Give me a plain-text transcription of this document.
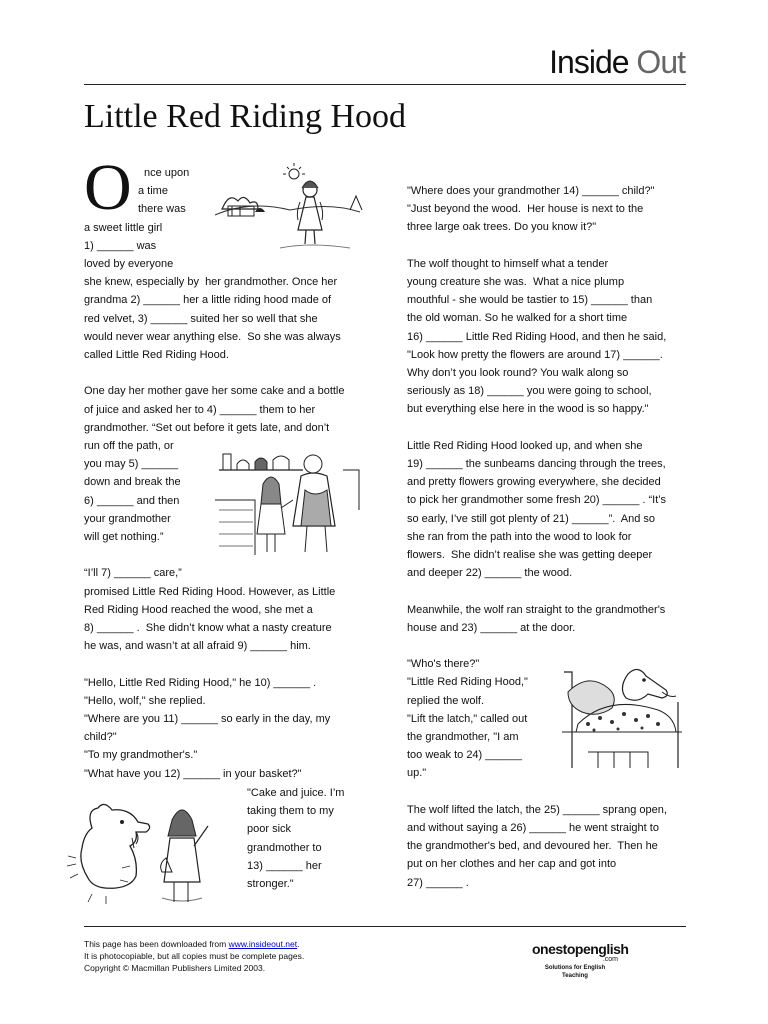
Inside Out
Little Red Riding Hood
O	nce upon

a time

there was

a sweet little girl

1) ______ was

loved by everyone

she knew, especially by  her grandmother. Once her

grandma 2) ______ her a little riding hood made of

red velvet, 3) ______ suited her so well that she

would never wear anything else.  So she was always

called Little Red Riding Hood.

One day her mother gave her some cake and a bottle

of juice and asked her to 4) ______ them to her

grandmother. “Set out before it gets late, and don’t

run off the path, or

you may 5) ______

down and break the

6) ______ and then

your grandmother

will get nothing.”

“I’ll 7) ______ care,”

promised Little Red Riding Hood. However, as Little

Red Riding Hood reached the wood, she met a

8) ______ .  She didn’t know what a nasty creature

he was, and wasn’t at all afraid 9) ______ him.

"Hello, Little Red Riding Hood," he 10) ______ .

"Hello, wolf," she replied.

"Where are you 11) ______ so early in the day, my

child?"

"To my grandmother's."

"What have you 12) ______ in your basket?"

"Cake and juice. I’m

taking them to my

poor sick

grandmother to

13) ______ her

stronger."

"Where does your grandmother 14) ______ child?"

"Just beyond the wood.  Her house is next to the

three large oak trees. Do you know it?"

The wolf thought to himself what a tender

young creature she was.  What a nice plump

mouthful - she would be tastier to 15) ______ than

the old woman. So he walked for a short time

16) ______ Little Red Riding Hood, and then he said,

"Look how pretty the flowers are around 17) ______.

Why don’t you look round? You walk along so

seriously as 18) ______ you were going to school,

but everything else here in the wood is so happy."

Little Red Riding Hood looked up, and when she

19) ______ the sunbeams dancing through the trees,

and pretty flowers growing everywhere, she decided

to pick her grandmother some fresh 20) ______ . “It’s

so early, I’ve still got plenty of 21) ______”.  And so

she ran from the path into the wood to look for

flowers.  She didn’t realise she was getting deeper

and deeper 22) ______ the wood.

Meanwhile, the wolf ran straight to the grandmother's

house and 23) ______ at the door.

"Who's there?"

"Little Red Riding Hood,"

replied the wolf.

"Lift the latch," called out

the grandmother, "I am

too weak to 24) ______

up."

The wolf lifted the latch, the 25) ______ sprang open,

and without saying a 26) ______ he went straight to

the grandmother's bed, and devoured her.  Then he

put on her clothes and her cap and got into

27) ______ .

This page has been downloaded from www.insideout.net.
It is photocopiable, but all copies must be complete pages.
Copyright © Macmillan Publishers Limited 2003.
onestopenglish
.com
Solutions for English Teaching
